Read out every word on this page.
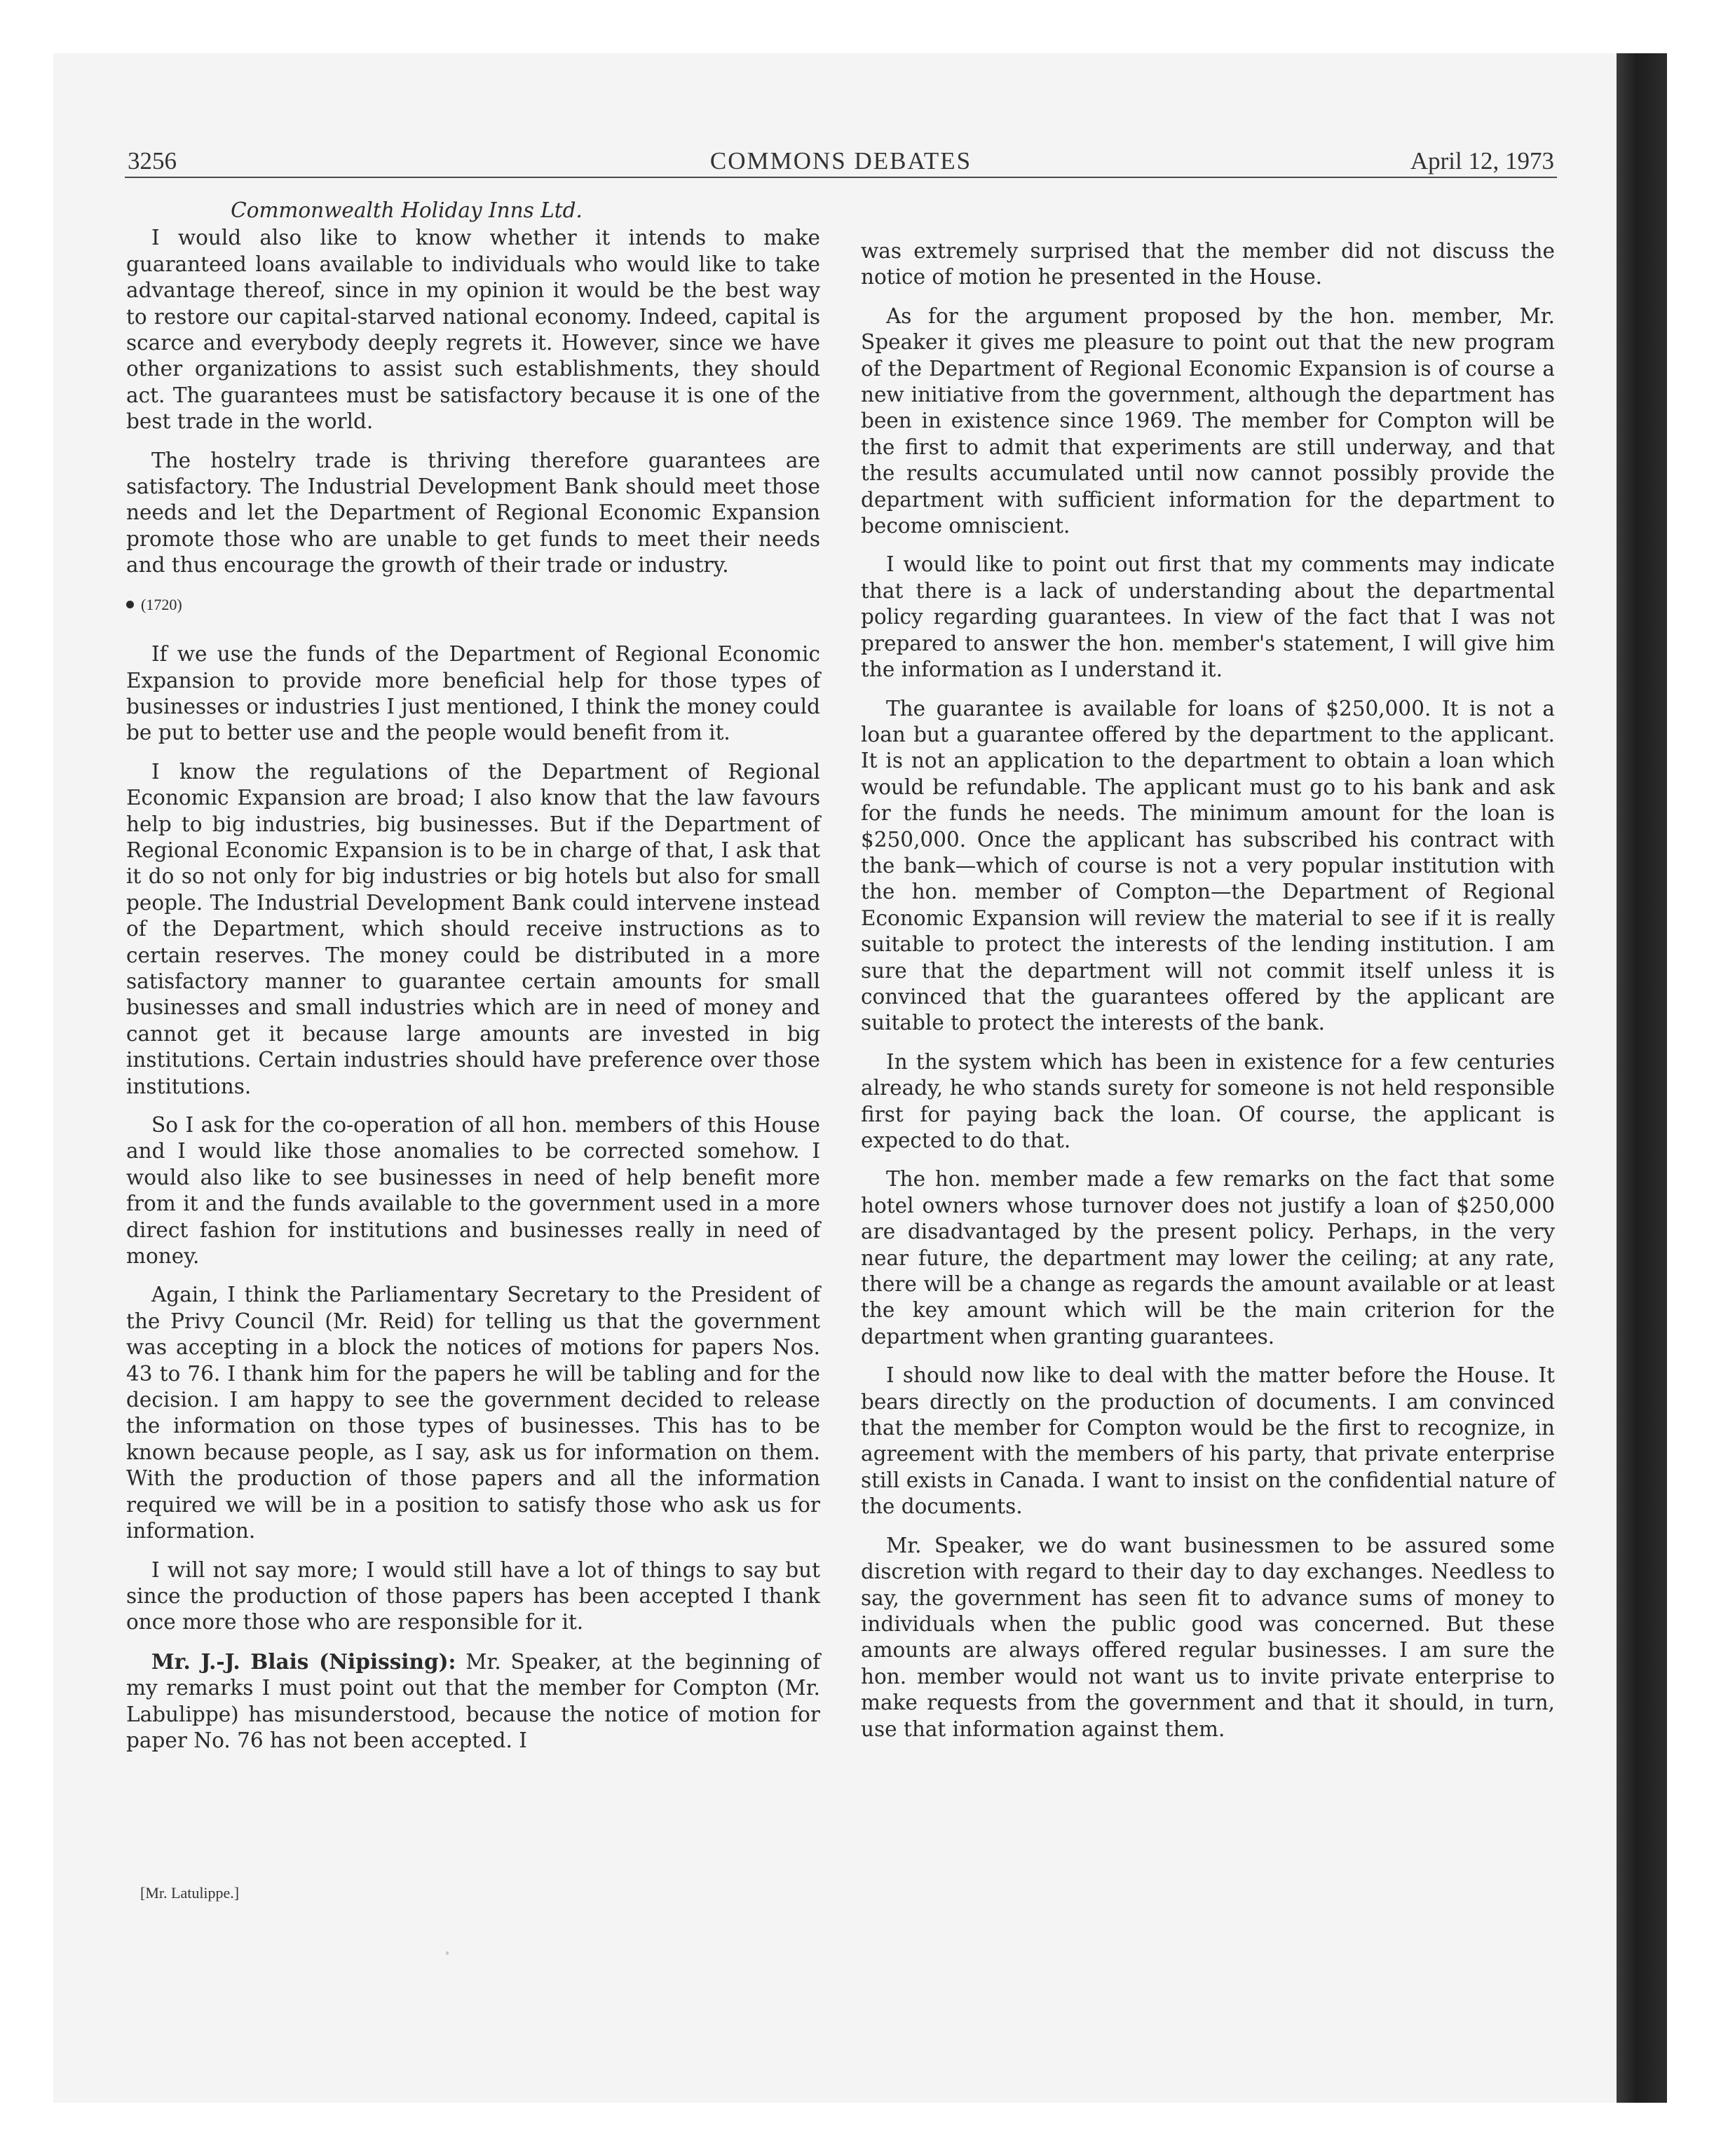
3256	COMMONS DEBATES	April 12, 1973

Commonwealth Holiday Inns Ltd.

I would also like to know whether it intends to make guaranteed loans available to individuals who would like to take advantage thereof, since in my opinion it would be the best way to restore our capital-starved national economy. Indeed, capital is scarce and everybody deeply regrets it. However, since we have other organizations to assist such establishments, they should act. The guarantees must be satisfactory because it is one of the best trade in the world.

The hostelry trade is thriving therefore guarantees are satisfactory. The Industrial Development Bank should meet those needs and let the Department of Regional Economic Expansion promote those who are unable to get funds to meet their needs and thus encourage the growth of their trade or industry.

(1720)

If we use the funds of the Department of Regional Economic Expansion to provide more beneficial help for those types of businesses or industries I just mentioned, I think the money could be put to better use and the people would benefit from it.

I know the regulations of the Department of Regional Economic Expansion are broad; I also know that the law favours help to big industries, big businesses. But if the Department of Regional Economic Expansion is to be in charge of that, I ask that it do so not only for big industries or big hotels but also for small people. The Industrial Development Bank could intervene instead of the Department, which should receive instructions as to certain reserves. The money could be distributed in a more satisfactory manner to guarantee certain amounts for small businesses and small industries which are in need of money and cannot get it because large amounts are invested in big institutions. Certain industries should have preference over those institutions.

So I ask for the co-operation of all hon. members of this House and I would like those anomalies to be corrected somehow. I would also like to see businesses in need of help benefit more from it and the funds available to the government used in a more direct fashion for institutions and businesses really in need of money.

Again, I think the Parliamentary Secretary to the President of the Privy Council (Mr. Reid) for telling us that the government was accepting in a block the notices of motions for papers Nos. 43 to 76. I thank him for the papers he will be tabling and for the decision. I am happy to see the government decided to release the information on those types of businesses. This has to be known because people, as I say, ask us for information on them. With the production of those papers and all the information required we will be in a position to satisfy those who ask us for information.

I will not say more; I would still have a lot of things to say but since the production of those papers has been accepted I thank once more those who are responsible for it.

Mr. J.-J. Blais (Nipissing): Mr. Speaker, at the beginning of my remarks I must point out that the member for Compton (Mr. Labulippe) has misunderstood, because the notice of motion for paper No. 76 has not been accepted. I

was extremely surprised that the member did not discuss the notice of motion he presented in the House.

As for the argument proposed by the hon. member, Mr. Speaker it gives me pleasure to point out that the new program of the Department of Regional Economic Expansion is of course a new initiative from the government, although the department has been in existence since 1969. The member for Compton will be the first to admit that experiments are still underway, and that the results accumulated until now cannot possibly provide the department with sufficient information for the department to become omniscient.

I would like to point out first that my comments may indicate that there is a lack of understanding about the departmental policy regarding guarantees. In view of the fact that I was not prepared to answer the hon. member's statement, I will give him the information as I understand it.

The guarantee is available for loans of $250,000. It is not a loan but a guarantee offered by the department to the applicant. It is not an application to the department to obtain a loan which would be refundable. The applicant must go to his bank and ask for the funds he needs. The minimum amount for the loan is $250,000. Once the applicant has subscribed his contract with the bank—which of course is not a very popular institution with the hon. member of Compton—the Department of Regional Economic Expansion will review the material to see if it is really suitable to protect the interests of the lending institution. I am sure that the department will not commit itself unless it is convinced that the guarantees offered by the applicant are suitable to protect the interests of the bank.

In the system which has been in existence for a few centuries already, he who stands surety for someone is not held responsible first for paying back the loan. Of course, the applicant is expected to do that.

The hon. member made a few remarks on the fact that some hotel owners whose turnover does not justify a loan of $250,000 are disadvantaged by the present policy. Perhaps, in the very near future, the department may lower the ceiling; at any rate, there will be a change as regards the amount available or at least the key amount which will be the main criterion for the department when granting guarantees.

I should now like to deal with the matter before the House. It bears directly on the production of documents. I am convinced that the member for Compton would be the first to recognize, in agreement with the members of his party, that private enterprise still exists in Canada. I want to insist on the confidential nature of the documents.

Mr. Speaker, we do want businessmen to be assured some discretion with regard to their day to day exchanges. Needless to say, the government has seen fit to advance sums of money to individuals when the public good was concerned. But these amounts are always offered regular businesses. I am sure the hon. member would not want us to invite private enterprise to make requests from the government and that it should, in turn, use that information against them.

[Mr. Latulippe.]
